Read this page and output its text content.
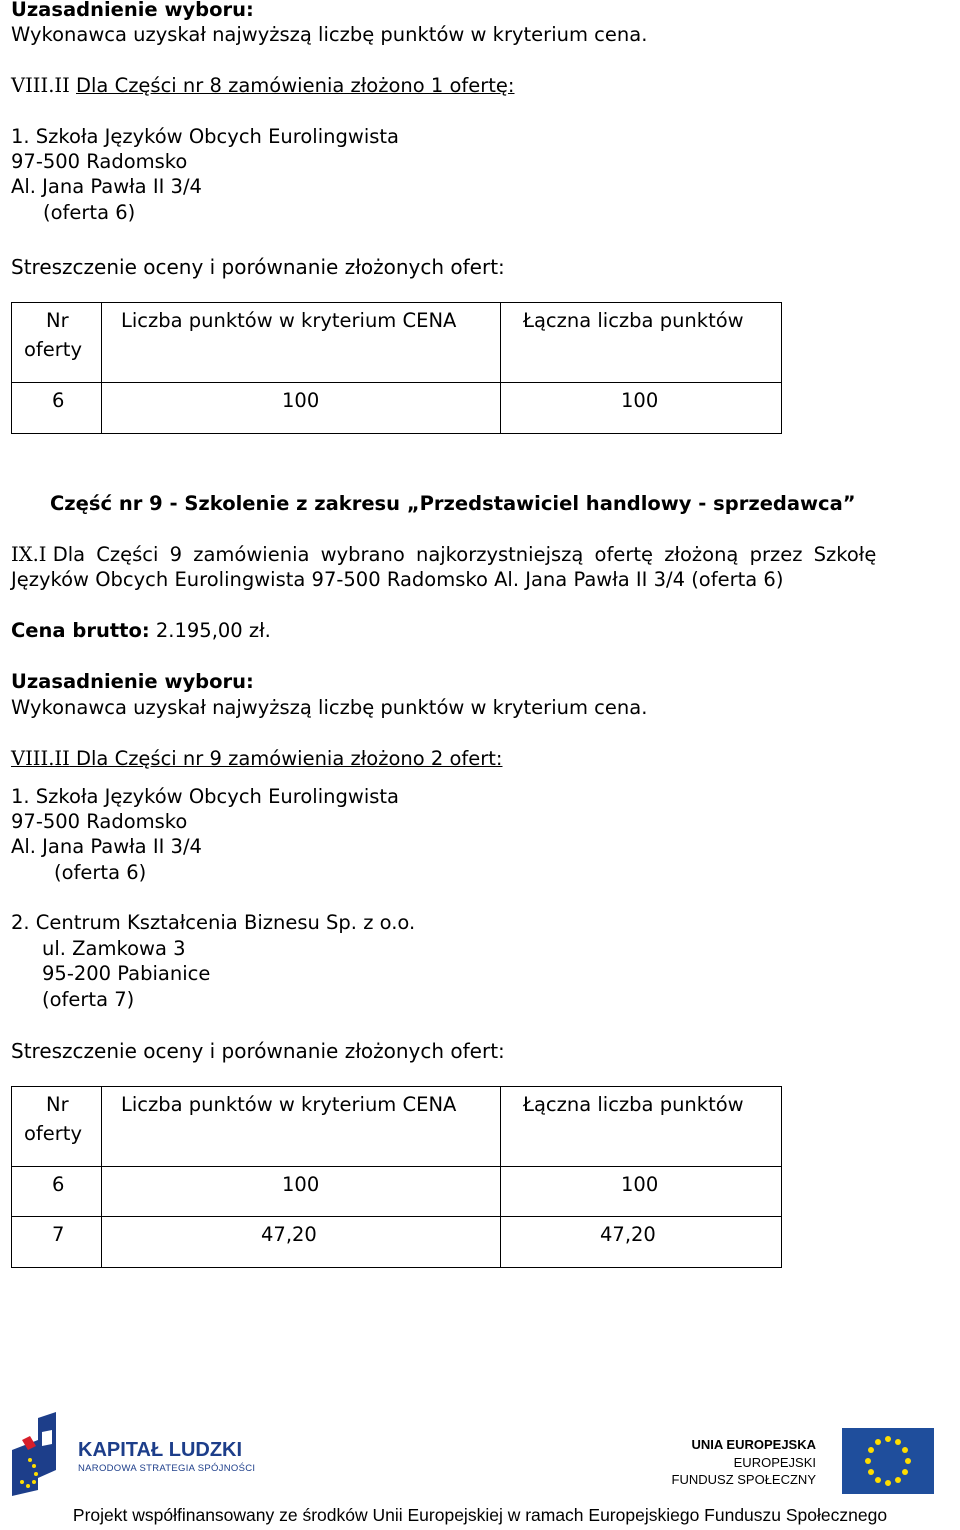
Uzasadnienie wyboru:
Wykonawca uzyskał najwyższą liczbę punktów w kryterium cena.
VIII.II Dla Części nr 8 zamówienia złożono 1 ofertę:
1. Szkoła Języków Obcych Eurolingwista
97-500 Radomsko
Al. Jana Pawła II 3/4
(oferta 6)
Streszczenie oceny i porównanie złożonych ofert:
Nr
oferty	Liczba punktów w kryterium CENA	Łączna liczba punktów

6	100	100
Część nr 9 - Szkolenie z zakresu „Przedstawiciel handlowy - sprzedawca”
IX.I Dla Części 9 zamówienia wybrano najkorzystniejszą ofertę złożoną przez Szkołę
Języków Obcych Eurolingwista 97-500 Radomsko Al. Jana Pawła II 3/4 (oferta 6)
Cena brutto: 2.195,00 zł.
Uzasadnienie wyboru:
Wykonawca uzyskał najwyższą liczbę punktów w kryterium cena.
VIII.II Dla Części nr 9 zamówienia złożono 2 ofert:
1. Szkoła Języków Obcych Eurolingwista
97-500 Radomsko
Al. Jana Pawła II 3/4
(oferta 6)
2. Centrum Kształcenia Biznesu Sp. z o.o.
ul. Zamkowa 3
95-200 Pabianice
(oferta 7)
Streszczenie oceny i porównanie złożonych ofert:
Nr
oferty	Liczba punktów w kryterium CENA	Łączna liczba punktów

6	100	100

7	47,20	47,20
KAPITAŁ LUDZKI
NARODOWA STRATEGIA SPÓJNOŚCI
UNIA EUROPEJSKA
EUROPEJSKI
FUNDUSZ SPOŁECZNY
Projekt współfinansowany ze środków Unii Europejskiej w ramach Europejskiego Funduszu Społecznego
